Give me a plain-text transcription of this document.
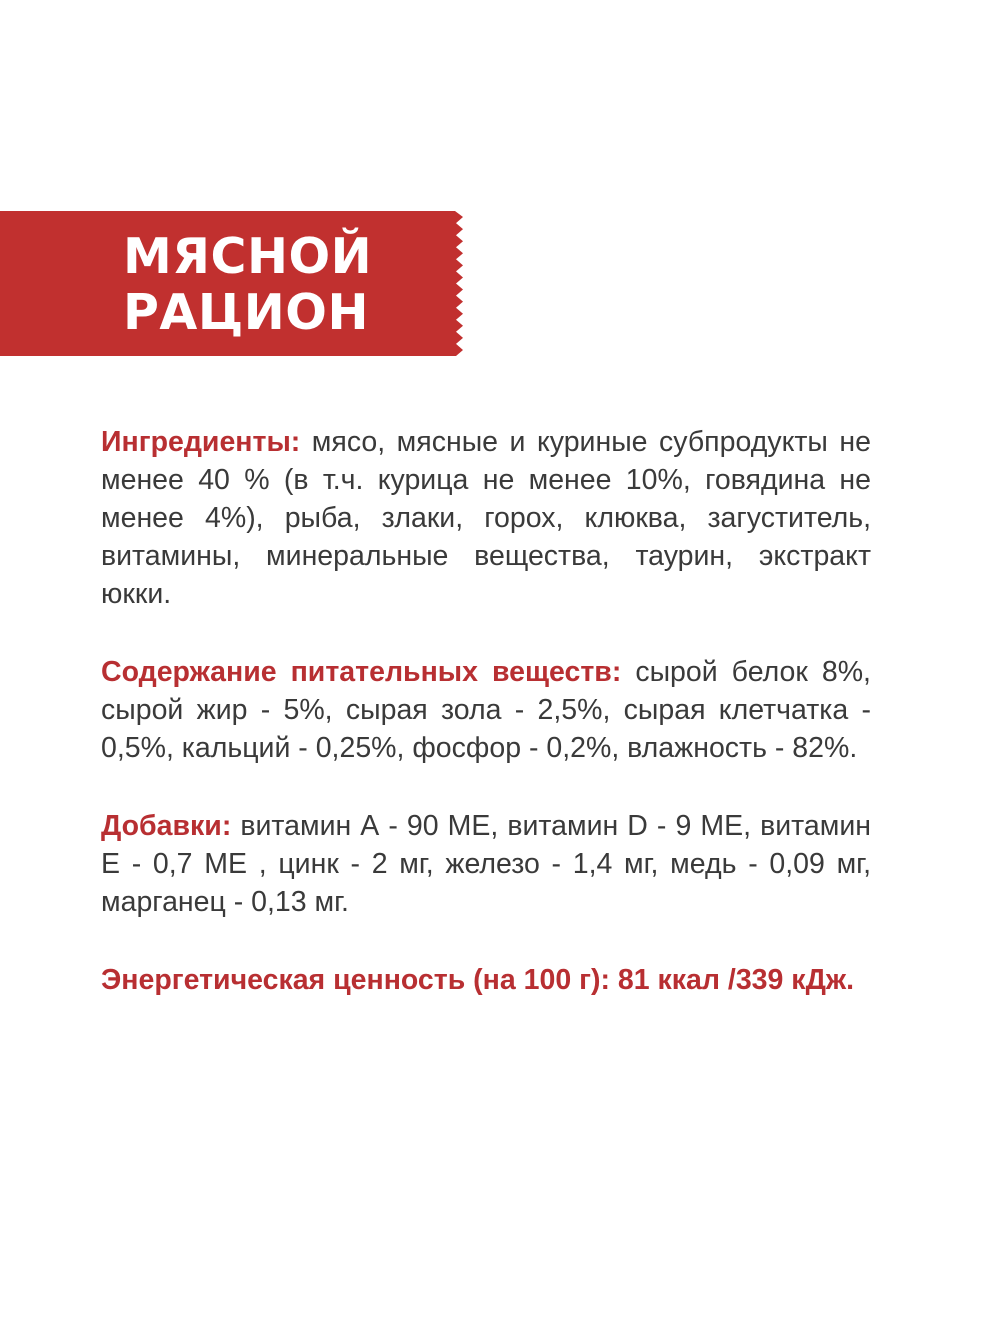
МЯСНОЙ
РАЦИОН

Ингредиенты: мясо, мясные и куриные субпродукты не менее 40 % (в т.ч. курица не менее 10%, говядина не менее 4%), рыба, злаки, горох, клюква, загуститель, витамины, минеральные вещества, таурин, экстракт юкки.

Содержание питательных веществ: сырой белок 8%, сырой жир - 5%, сырая зола - 2,5%, сырая клетчатка - 0,5%, кальций - 0,25%, фосфор - 0,2%, влажность - 82%.

Добавки: витамин А - 90 МЕ, витамин D - 9 МЕ, витамин Е - 0,7 МЕ , цинк - 2 мг, железо - 1,4 мг, медь - 0,09 мг, марганец - 0,13 мг.

Энергетическая ценность (на 100 г): 81 ккал /339 кДж.
